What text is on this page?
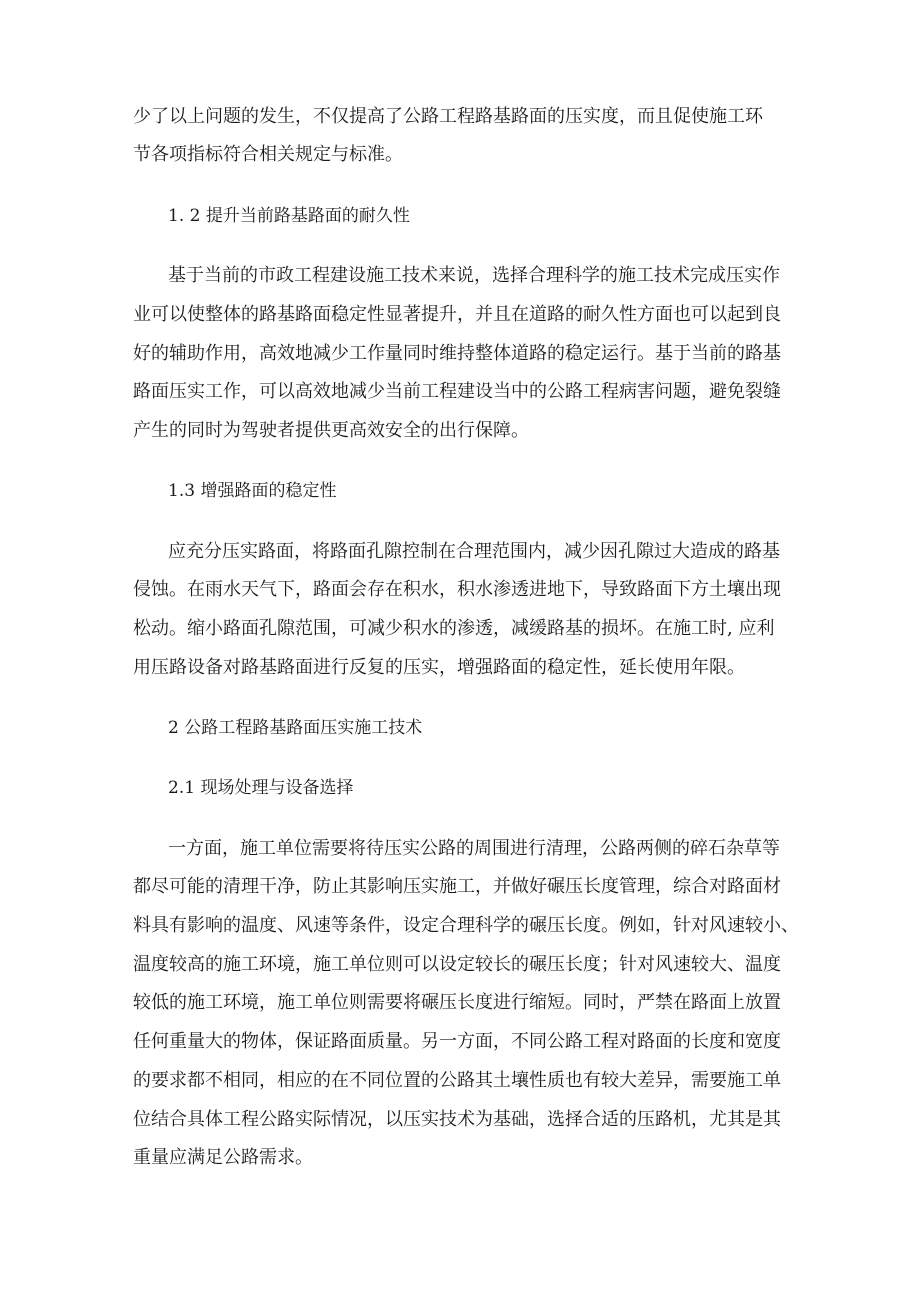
少了以上问题的发生，不仅提高了公路工程路基路面的压实度，而且促使施工环

节各项指标符合相关规定与标准。

1. 2 提升当前路基路面的耐久性

基于当前的市政工程建设施工技术来说，选择合理科学的施工技术完成压实作

业可以使整体的路基路面稳定性显著提升，并且在道路的耐久性方面也可以起到良

好的辅助作用，高效地减少工作量同时维持整体道路的稳定运行。基于当前的路基

路面压实工作，可以高效地减少当前工程建设当中的公路工程病害问题，避免裂缝

产生的同时为驾驶者提供更高效安全的出行保障。

1.3 增强路面的稳定性

应充分压实路面，将路面孔隙控制在合理范围内，减少因孔隙过大造成的路基

侵蚀。在雨水天气下，路面会存在积水，积水渗透进地下，导致路面下方土壤出现

松动。缩小路面孔隙范围，可减少积水的渗透，减缓路基的损坏。在施工时, 应利

用压路设备对路基路面进行反复的压实，增强路面的稳定性，延长使用年限。

2 公路工程路基路面压实施工技术

2.1 现场处理与设备选择

一方面，施工单位需要将待压实公路的周围进行清理，公路两侧的碎石杂草等

都尽可能的清理干净，防止其影响压实施工，并做好碾压长度管理，综合对路面材

料具有影响的温度、风速等条件，设定合理科学的碾压长度。例如，针对风速较小、

温度较高的施工环境，施工单位则可以设定较长的碾压长度；针对风速较大、温度

较低的施工环境，施工单位则需要将碾压长度进行缩短。同时，严禁在路面上放置

任何重量大的物体，保证路面质量。另一方面，不同公路工程对路面的长度和宽度

的要求都不相同，相应的在不同位置的公路其土壤性质也有较大差异，需要施工单

位结合具体工程公路实际情况，以压实技术为基础，选择合适的压路机，尤其是其

重量应满足公路需求。
